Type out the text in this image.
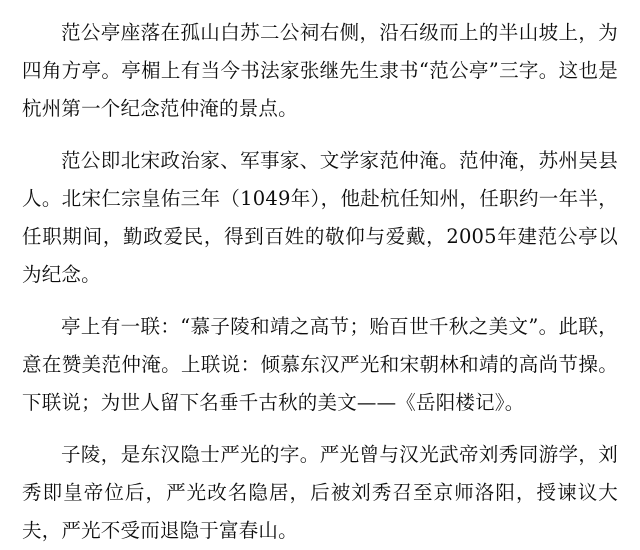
范公亭座落在孤山白苏二公祠右侧，沿石级而上的半山坡上，为四角方亭。亭楣上有当今书法家张继先生隶书“范公亭”三字。这也是杭州第一个纪念范仲淹的景点。

范公即北宋政治家、军事家、文学家范仲淹。范仲淹，苏州吴县人。北宋仁宗皇佑三年（1049年），他赴杭任知州，任职约一年半，任职期间，勤政爱民，得到百姓的敬仰与爱戴，2005年建范公亭以为纪念。

亭上有一联：“慕子陵和靖之高节；贻百世千秋之美文”。此联，意在赞美范仲淹。上联说：倾慕东汉严光和宋朝林和靖的高尚节操。下联说；为世人留下名垂千古秋的美文——《岳阳楼记》。

子陵，是东汉隐士严光的字。严光曾与汉光武帝刘秀同游学，刘秀即皇帝位后，严光改名隐居，后被刘秀召至京师洛阳，授谏议大夫，严光不受而退隐于富春山。
